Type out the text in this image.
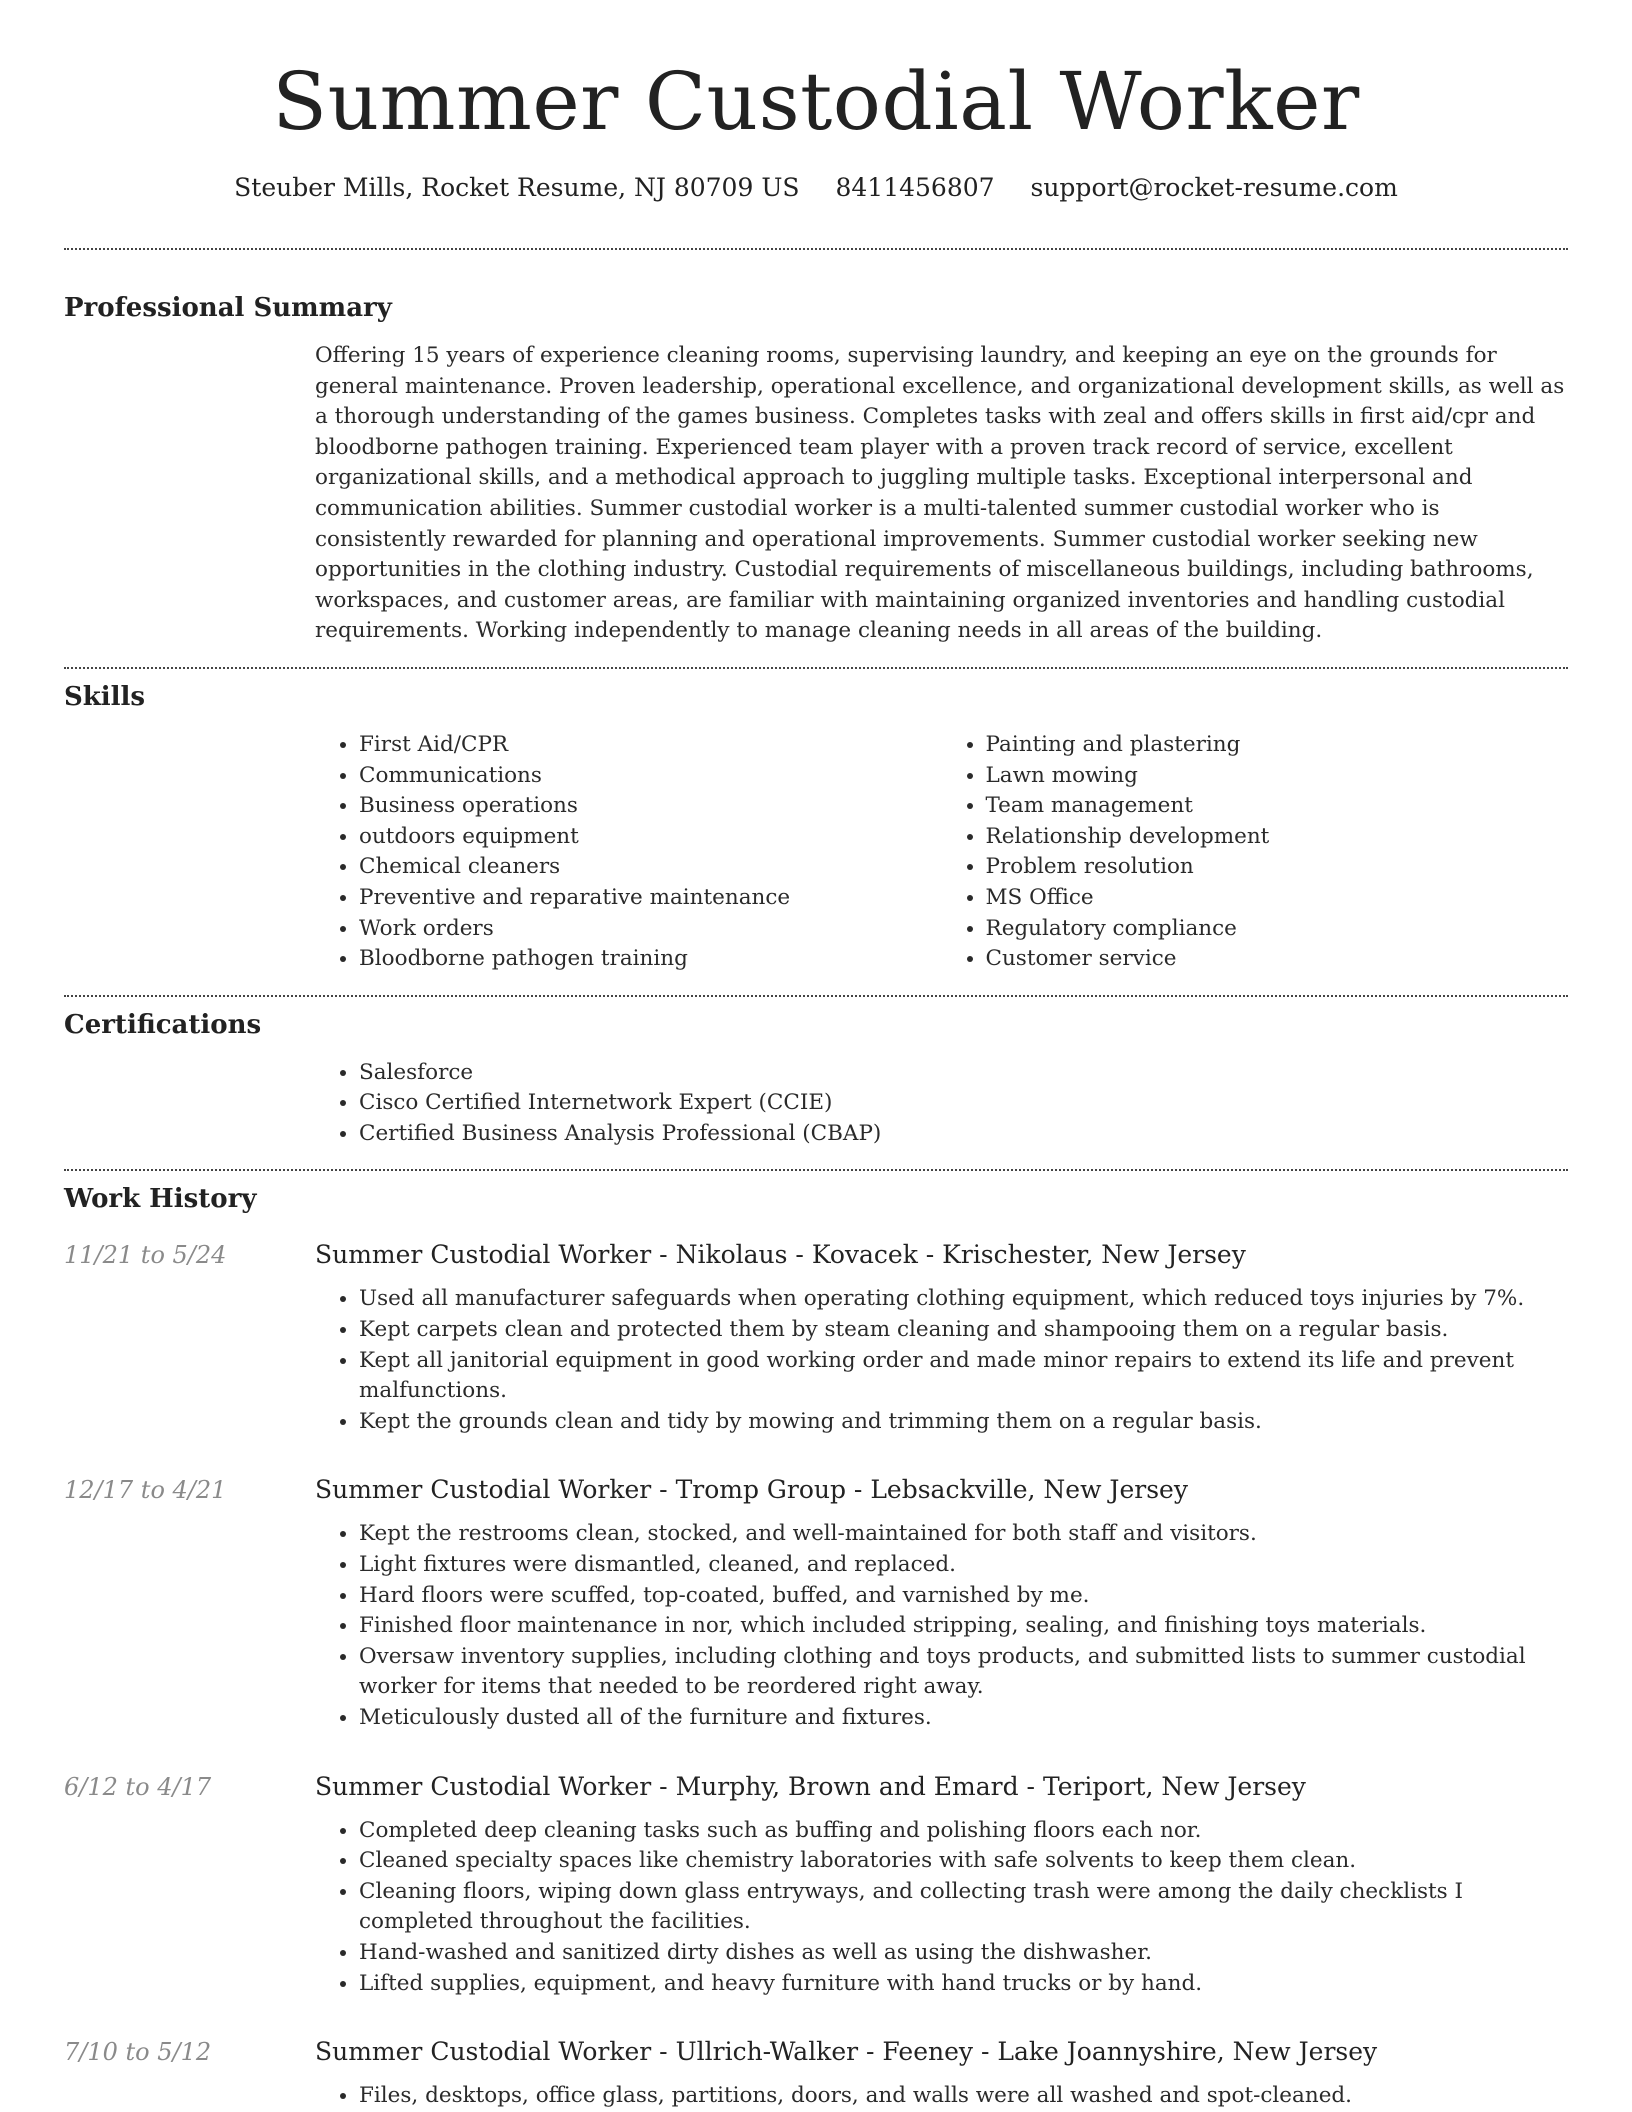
Summer Custodial Worker
Steuber Mills, Rocket Resume, NJ 80709 US 8411456807 support@rocket-resume.com
Professional Summary

Offering 15 years of experience cleaning rooms, supervising laundry, and keeping an eye on the grounds for general maintenance. Proven leadership, operational excellence, and organizational development skills, as well as a thorough understanding of the games business. Completes tasks with zeal and offers skills in first aid/cpr and bloodborne pathogen training. Experienced team player with a proven track record of service, excellent organizational skills, and a methodical approach to juggling multiple tasks. Exceptional interpersonal and communication abilities. Summer custodial worker is a multi-talented summer custodial worker who is consistently rewarded for planning and operational improvements. Summer custodial worker seeking new opportunities in the clothing industry. Custodial requirements of miscellaneous buildings, including bathrooms, workspaces, and customer areas, are familiar with maintaining organized inventories and handling custodial requirements. Working independently to manage cleaning needs in all areas of the building.

Skills
• First Aid/CPR
• Communications
• Business operations
• outdoors equipment
• Chemical cleaners
• Preventive and reparative maintenance
• Work orders
• Bloodborne pathogen training
• Painting and plastering
• Lawn mowing
• Team management
• Relationship development
• Problem resolution
• MS Office
• Regulatory compliance
• Customer service
Certifications
• Salesforce
• Cisco Certified Internetwork Expert (CCIE)
• Certified Business Analysis Professional (CBAP)
Work History
11/21 to 5/24	Summer Custodial Worker - Nikolaus - Kovacek - Krischester, New Jersey
• Used all manufacturer safeguards when operating clothing equipment, which reduced toys injuries by 7%.
• Kept carpets clean and protected them by steam cleaning and shampooing them on a regular basis.
• Kept all janitorial equipment in good working order and made minor repairs to extend its life and prevent malfunctions.
• Kept the grounds clean and tidy by mowing and trimming them on a regular basis.
12/17 to 4/21	Summer Custodial Worker - Tromp Group - Lebsackville, New Jersey
• Kept the restrooms clean, stocked, and well-maintained for both staff and visitors.
• Light fixtures were dismantled, cleaned, and replaced.
• Hard floors were scuffed, top-coated, buffed, and varnished by me.
• Finished floor maintenance in nor, which included stripping, sealing, and finishing toys materials.
• Oversaw inventory supplies, including clothing and toys products, and submitted lists to summer custodial worker for items that needed to be reordered right away.
• Meticulously dusted all of the furniture and fixtures.
6/12 to 4/17	Summer Custodial Worker - Murphy, Brown and Emard - Teriport, New Jersey
• Completed deep cleaning tasks such as buffing and polishing floors each nor.
• Cleaned specialty spaces like chemistry laboratories with safe solvents to keep them clean.
• Cleaning floors, wiping down glass entryways, and collecting trash were among the daily checklists I completed throughout the facilities.
• Hand-washed and sanitized dirty dishes as well as using the dishwasher.
• Lifted supplies, equipment, and heavy furniture with hand trucks or by hand.
7/10 to 5/12	Summer Custodial Worker - Ullrich-Walker - Feeney - Lake Joannyshire, New Jersey
• Files, desktops, office glass, partitions, doors, and walls were all washed and spot-cleaned.
